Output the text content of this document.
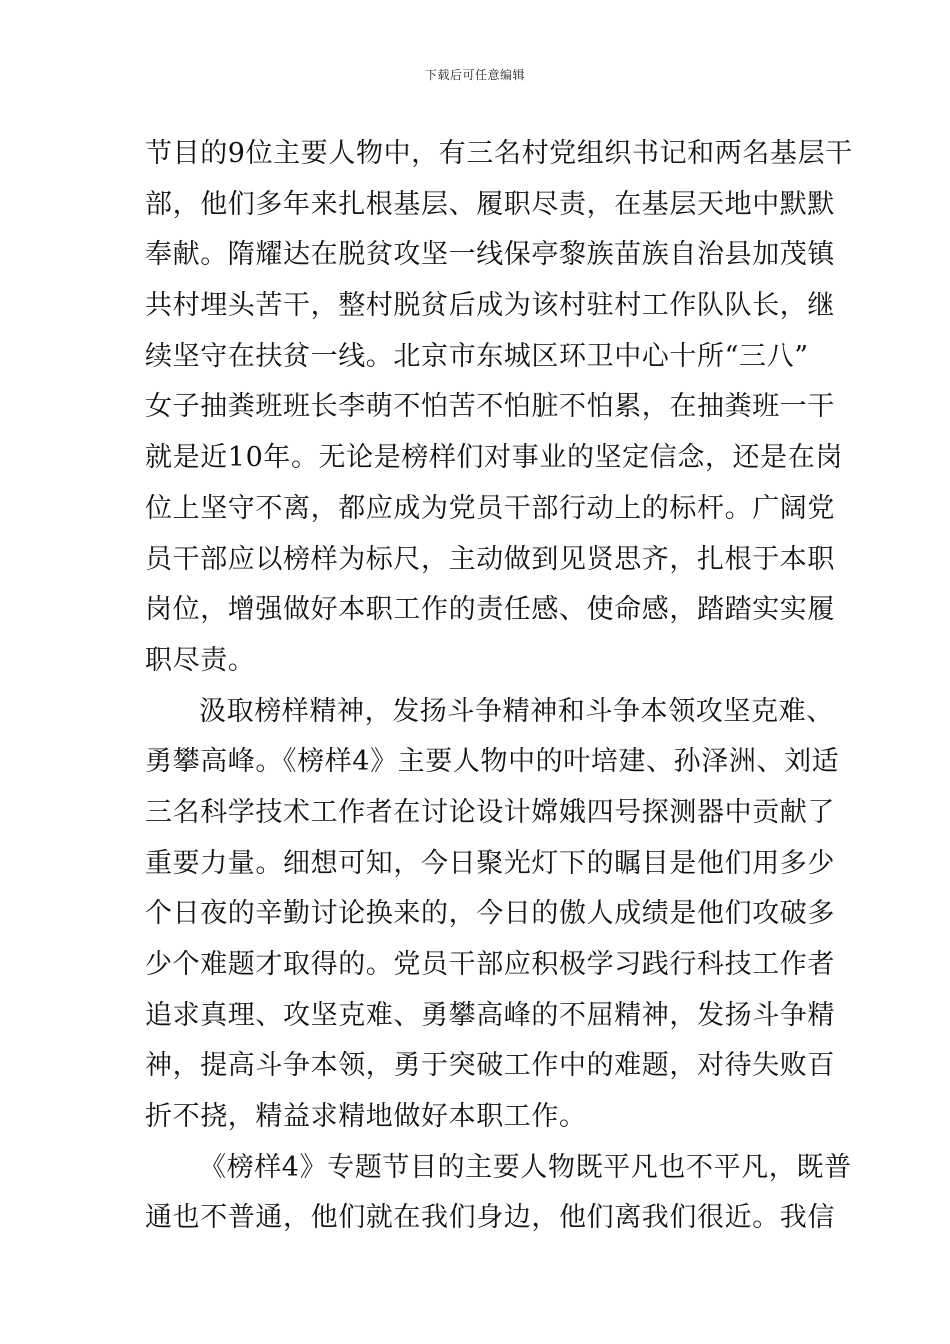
下载后可任意编辑
节目的9位主要人物中，有三名村党组织书记和两名基层干
部，他们多年来扎根基层、履职尽责，在基层天地中默默
奉献。隋耀达在脱贫攻坚一线保亭黎族苗族自治县加茂镇
共村埋头苦干，整村脱贫后成为该村驻村工作队队长，继
续坚守在扶贫一线。北京市东城区环卫中心十所“三八”
女子抽粪班班长李萌不怕苦不怕脏不怕累，在抽粪班一干
就是近10年。无论是榜样们对事业的坚定信念，还是在岗
位上坚守不离，都应成为党员干部行动上的标杆。广阔党
员干部应以榜样为标尺，主动做到见贤思齐，扎根于本职
岗位，增强做好本职工作的责任感、使命感，踏踏实实履
职尽责。
汲取榜样精神，发扬斗争精神和斗争本领攻坚克难、
勇攀高峰。《榜样4》主要人物中的叶培建、孙泽洲、刘适
三名科学技术工作者在讨论设计嫦娥四号探测器中贡献了
重要力量。细想可知，今日聚光灯下的瞩目是他们用多少
个日夜的辛勤讨论换来的，今日的傲人成绩是他们攻破多
少个难题才取得的。党员干部应积极学习践行科技工作者
追求真理、攻坚克难、勇攀高峰的不屈精神，发扬斗争精
神，提高斗争本领，勇于突破工作中的难题，对待失败百
折不挠，精益求精地做好本职工作。
《榜样4》专题节目的主要人物既平凡也不平凡，既普
通也不普通，他们就在我们身边，他们离我们很近。我信
